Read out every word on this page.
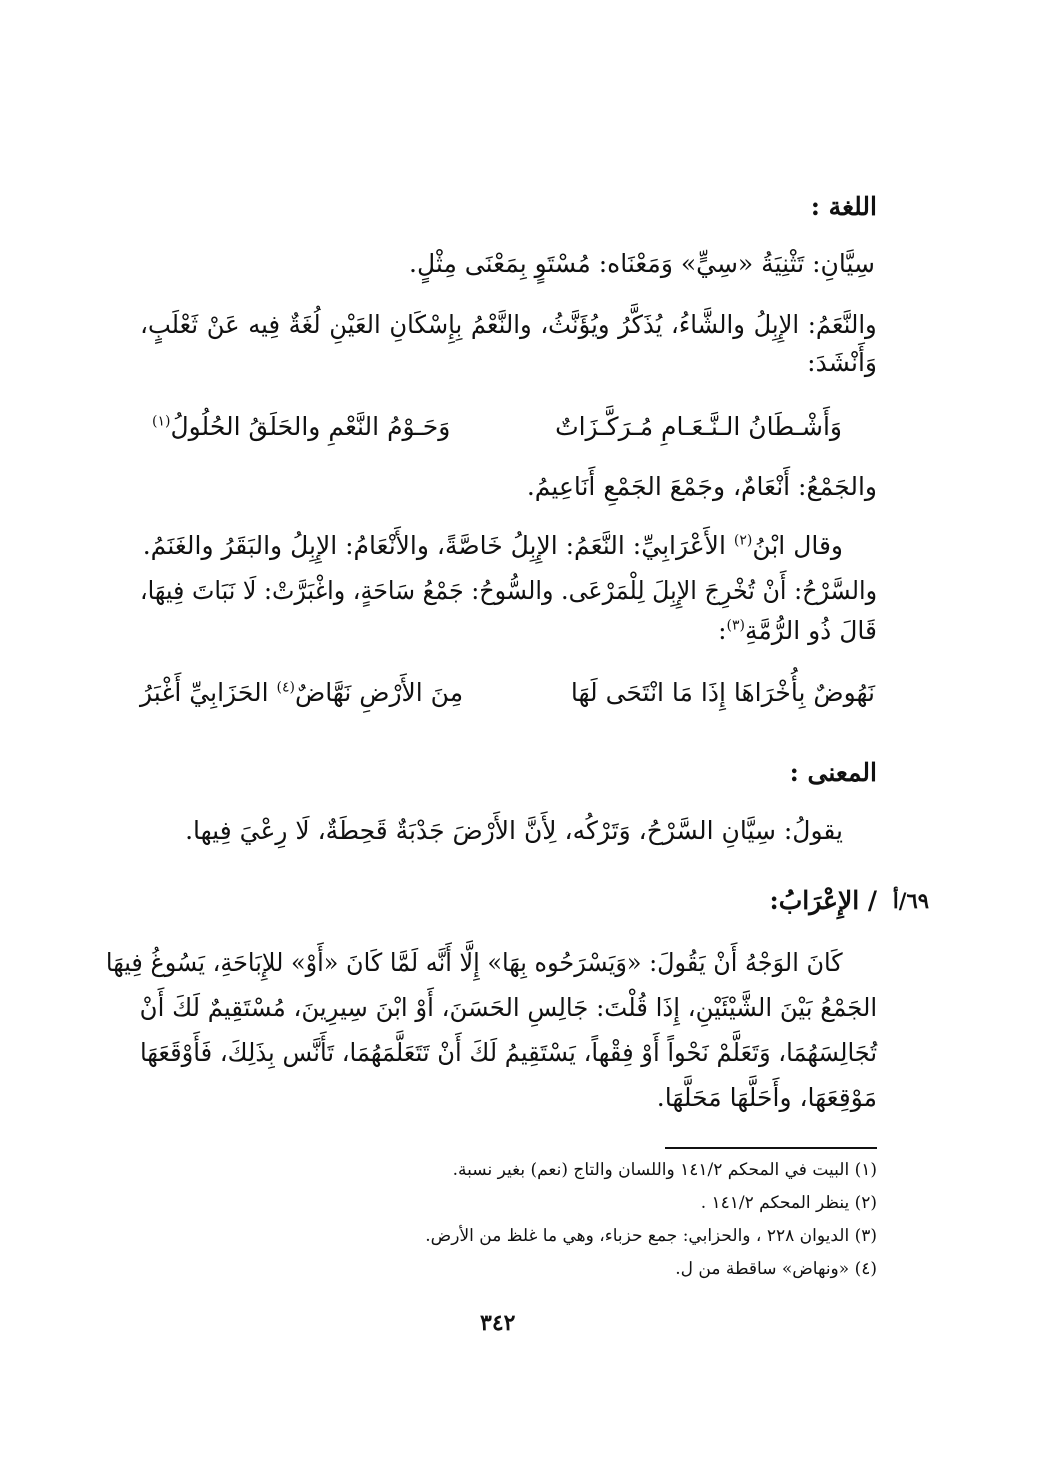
اللغة :
سِيَّانِ: تَثْنِيَةُ «سِيٍّ» وَمَعْنَاه: مُسْتَوٍ بِمَعْنَى مِثْلٍ.
والنَّعَمُ: الإِبِلُ والشَّاءُ، يُذَكَّرُ ويُؤَنَّثُ، والنَّعْمُ بِإِسْكَانِ العَيْنِ لُغَةٌ فِيه عَنْ ثَعْلَبٍ،
وَأَنْشَدَ:
وَأَشْـطَانُ الـنَّـعَـامِ مُـرَكَّـزَاتٌ
وَحَـوْمُ النَّعْمِ والحَلَقُ الحُلُولُ$^{(١)}$
والجَمْعُ: أَنْعَامٌ، وجَمْعَ الجَمْعِ أَنَاعِيمُ.
وقال ابْنُ$^{(٢)}$ الأَعْرَابِيِّ: النَّعَمُ: الإِبِلُ خَاصَّةً، والأَنْعَامُ: الإِبِلُ والبَقَرُ والغَنَمُ.
والسَّرْحُ: أَنْ تُخْرِجَ الإِبِلَ لِلْمَرْعَى. والسُّوحُ: جَمْعُ سَاحَةٍ، واغْبَرَّتْ: لَا نَبَاتَ فِيهَا،
قَالَ ذُو الرُّمَّةِ$^{(٣)}$:
نَهُوضٌ بِأُخْرَاهَا إِذَا مَا انْتَحَى لَهَا
مِنَ الأَرْضِ نَهَّاضٌ$^{(٤)}$ الحَزَابِيِّ أَغْبَرُ
المعنى :
يقولُ: سِيَّانِ السَّرْحُ، وَتَرْكُه، لِأَنَّ الأَرْضَ جَدْبَةٌ قَحِطَةٌ، لَا رِعْيَ فِيها.
٦٩/أ
/ الإِعْرَابُ:
كَانَ الوَجْهُ أَنْ يَقُولَ: «وَيَسْرَحُوه بِهَا» إِلَّا أَنَّه لَمَّا كَانَ «أَوْ» للإِبَاحَةِ، يَسُوغُ فِيهَا
الجَمْعُ بَيْنَ الشَّيْئَيْنِ، إِذَا قُلْتَ: جَالِسِ الحَسَنَ، أَوْ ابْنَ سِيرِينَ، مُسْتَقِيمٌ لَكَ أَنْ
تُجَالِسَهُمَا، وَتَعَلَّمْ نَحْواً أَوْ فِقْهاً، يَسْتَقِيمُ لَكَ أَنْ تَتَعَلَّمَهُمَا، تَأَنَّس بِذَلِكَ، فَأَوْقَعَهَا
مَوْقِعَهَا، وأَحَلَّهَا مَحَلَّهَا.
(١) البيت في المحكم ١٤١/٢ واللسان والتاج (نعم) بغير نسبة.
(٢) ينظر المحكم ١٤١/٢ .
(٣) الديوان ٢٢٨ ، والحزابي: جمع حزباء، وهي ما غلظ من الأرض.
(٤) «ونهاض» ساقطة من ل.
٣٤٢
